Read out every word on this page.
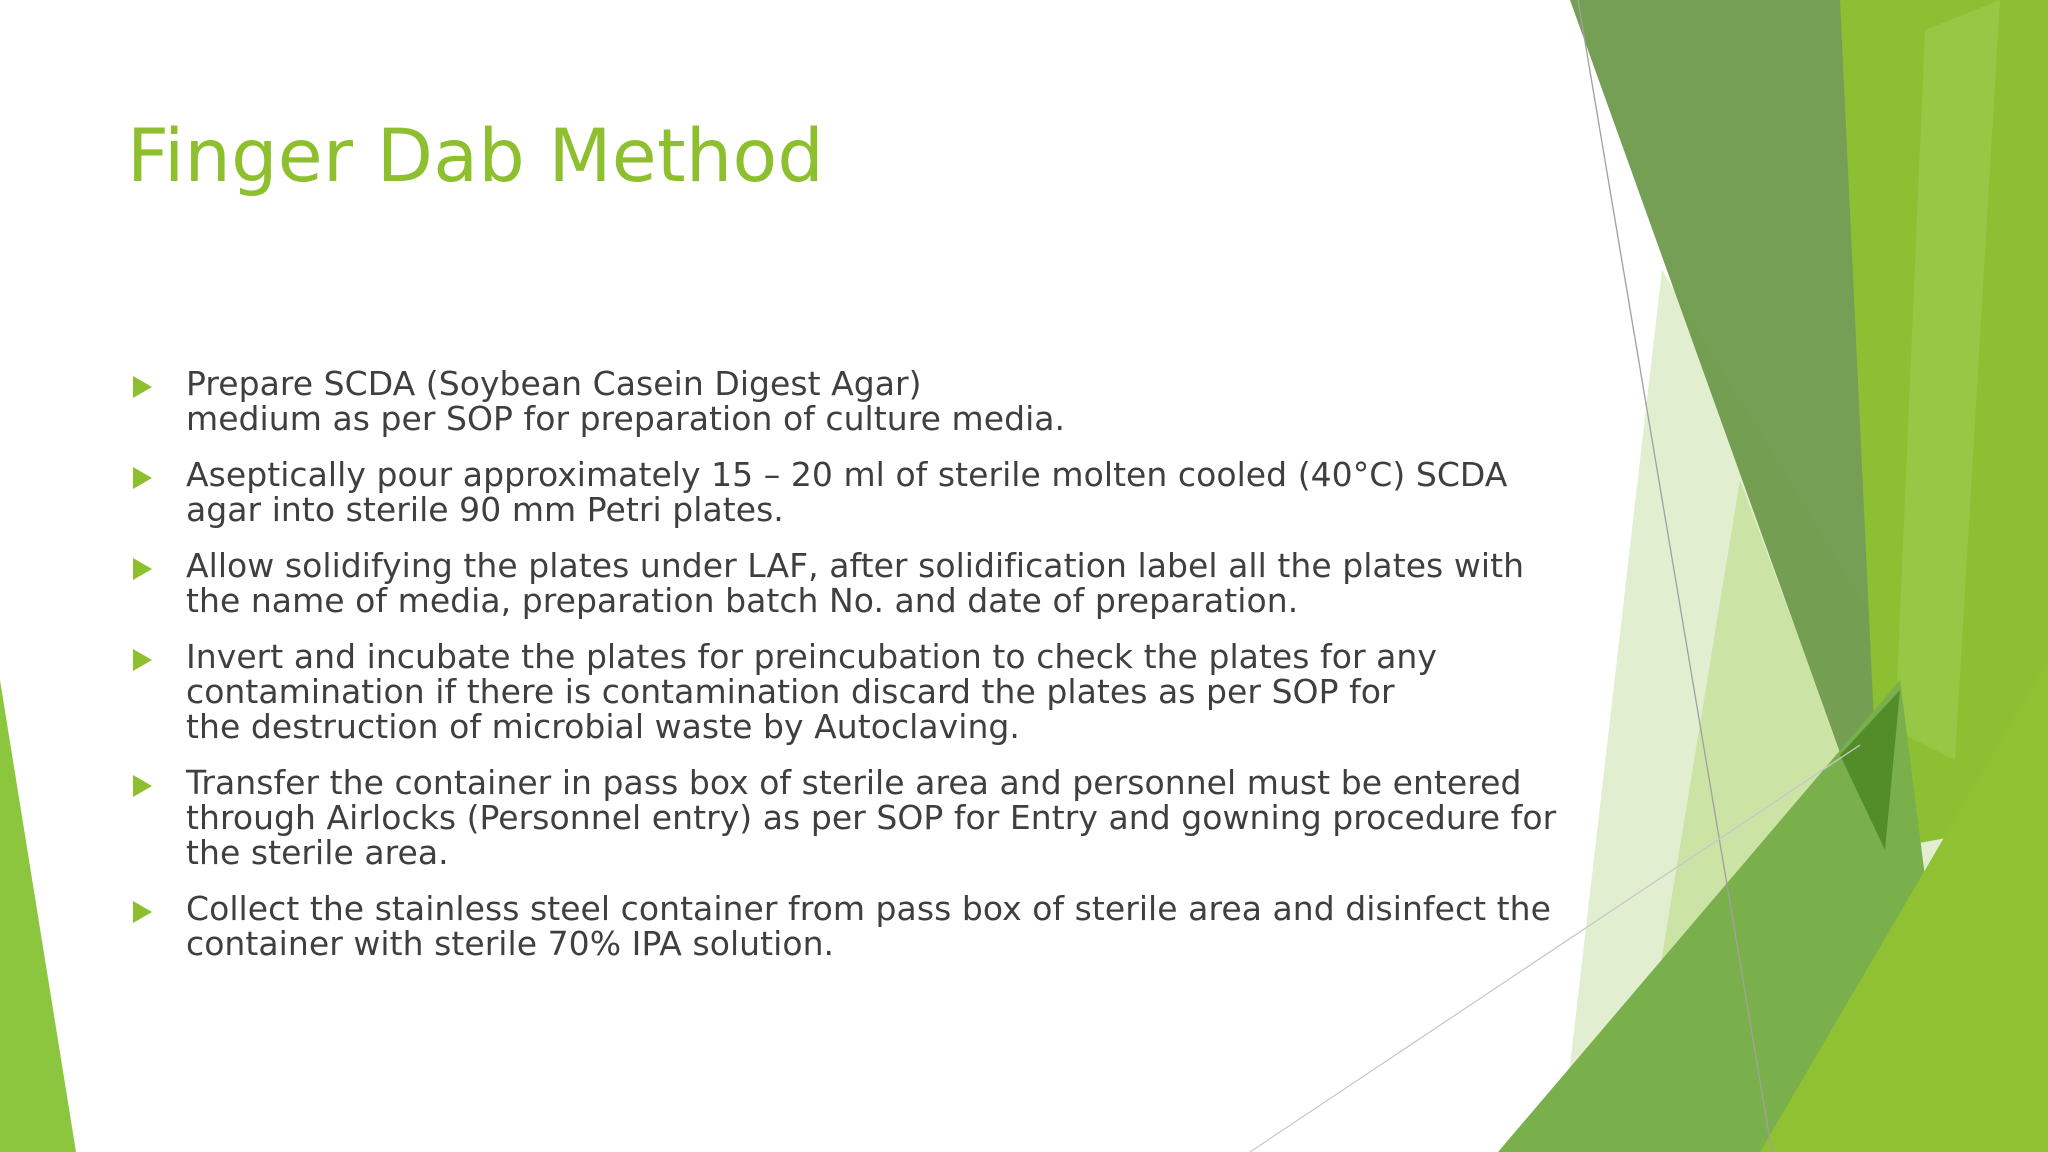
Finger Dab Method
Prepare SCDA (Soybean Casein Digest Agar)
medium as per SOP for preparation of culture media.
Aseptically pour approximately 15 – 20 ml of sterile molten cooled (40°C) SCDA
agar into sterile 90 mm Petri plates.
Allow solidifying the plates under LAF, after solidification label all the plates with
the name of media, preparation batch No. and date of preparation.
Invert and incubate the plates for preincubation to check the plates for any
contamination if there is contamination discard the plates as per SOP for
the destruction of microbial waste by Autoclaving.
Transfer the container in pass box of sterile area and personnel must be entered
through Airlocks (Personnel entry) as per SOP for Entry and gowning procedure for
the sterile area.
Collect the stainless steel container from pass box of sterile area and disinfect the
container with sterile 70% IPA solution.
